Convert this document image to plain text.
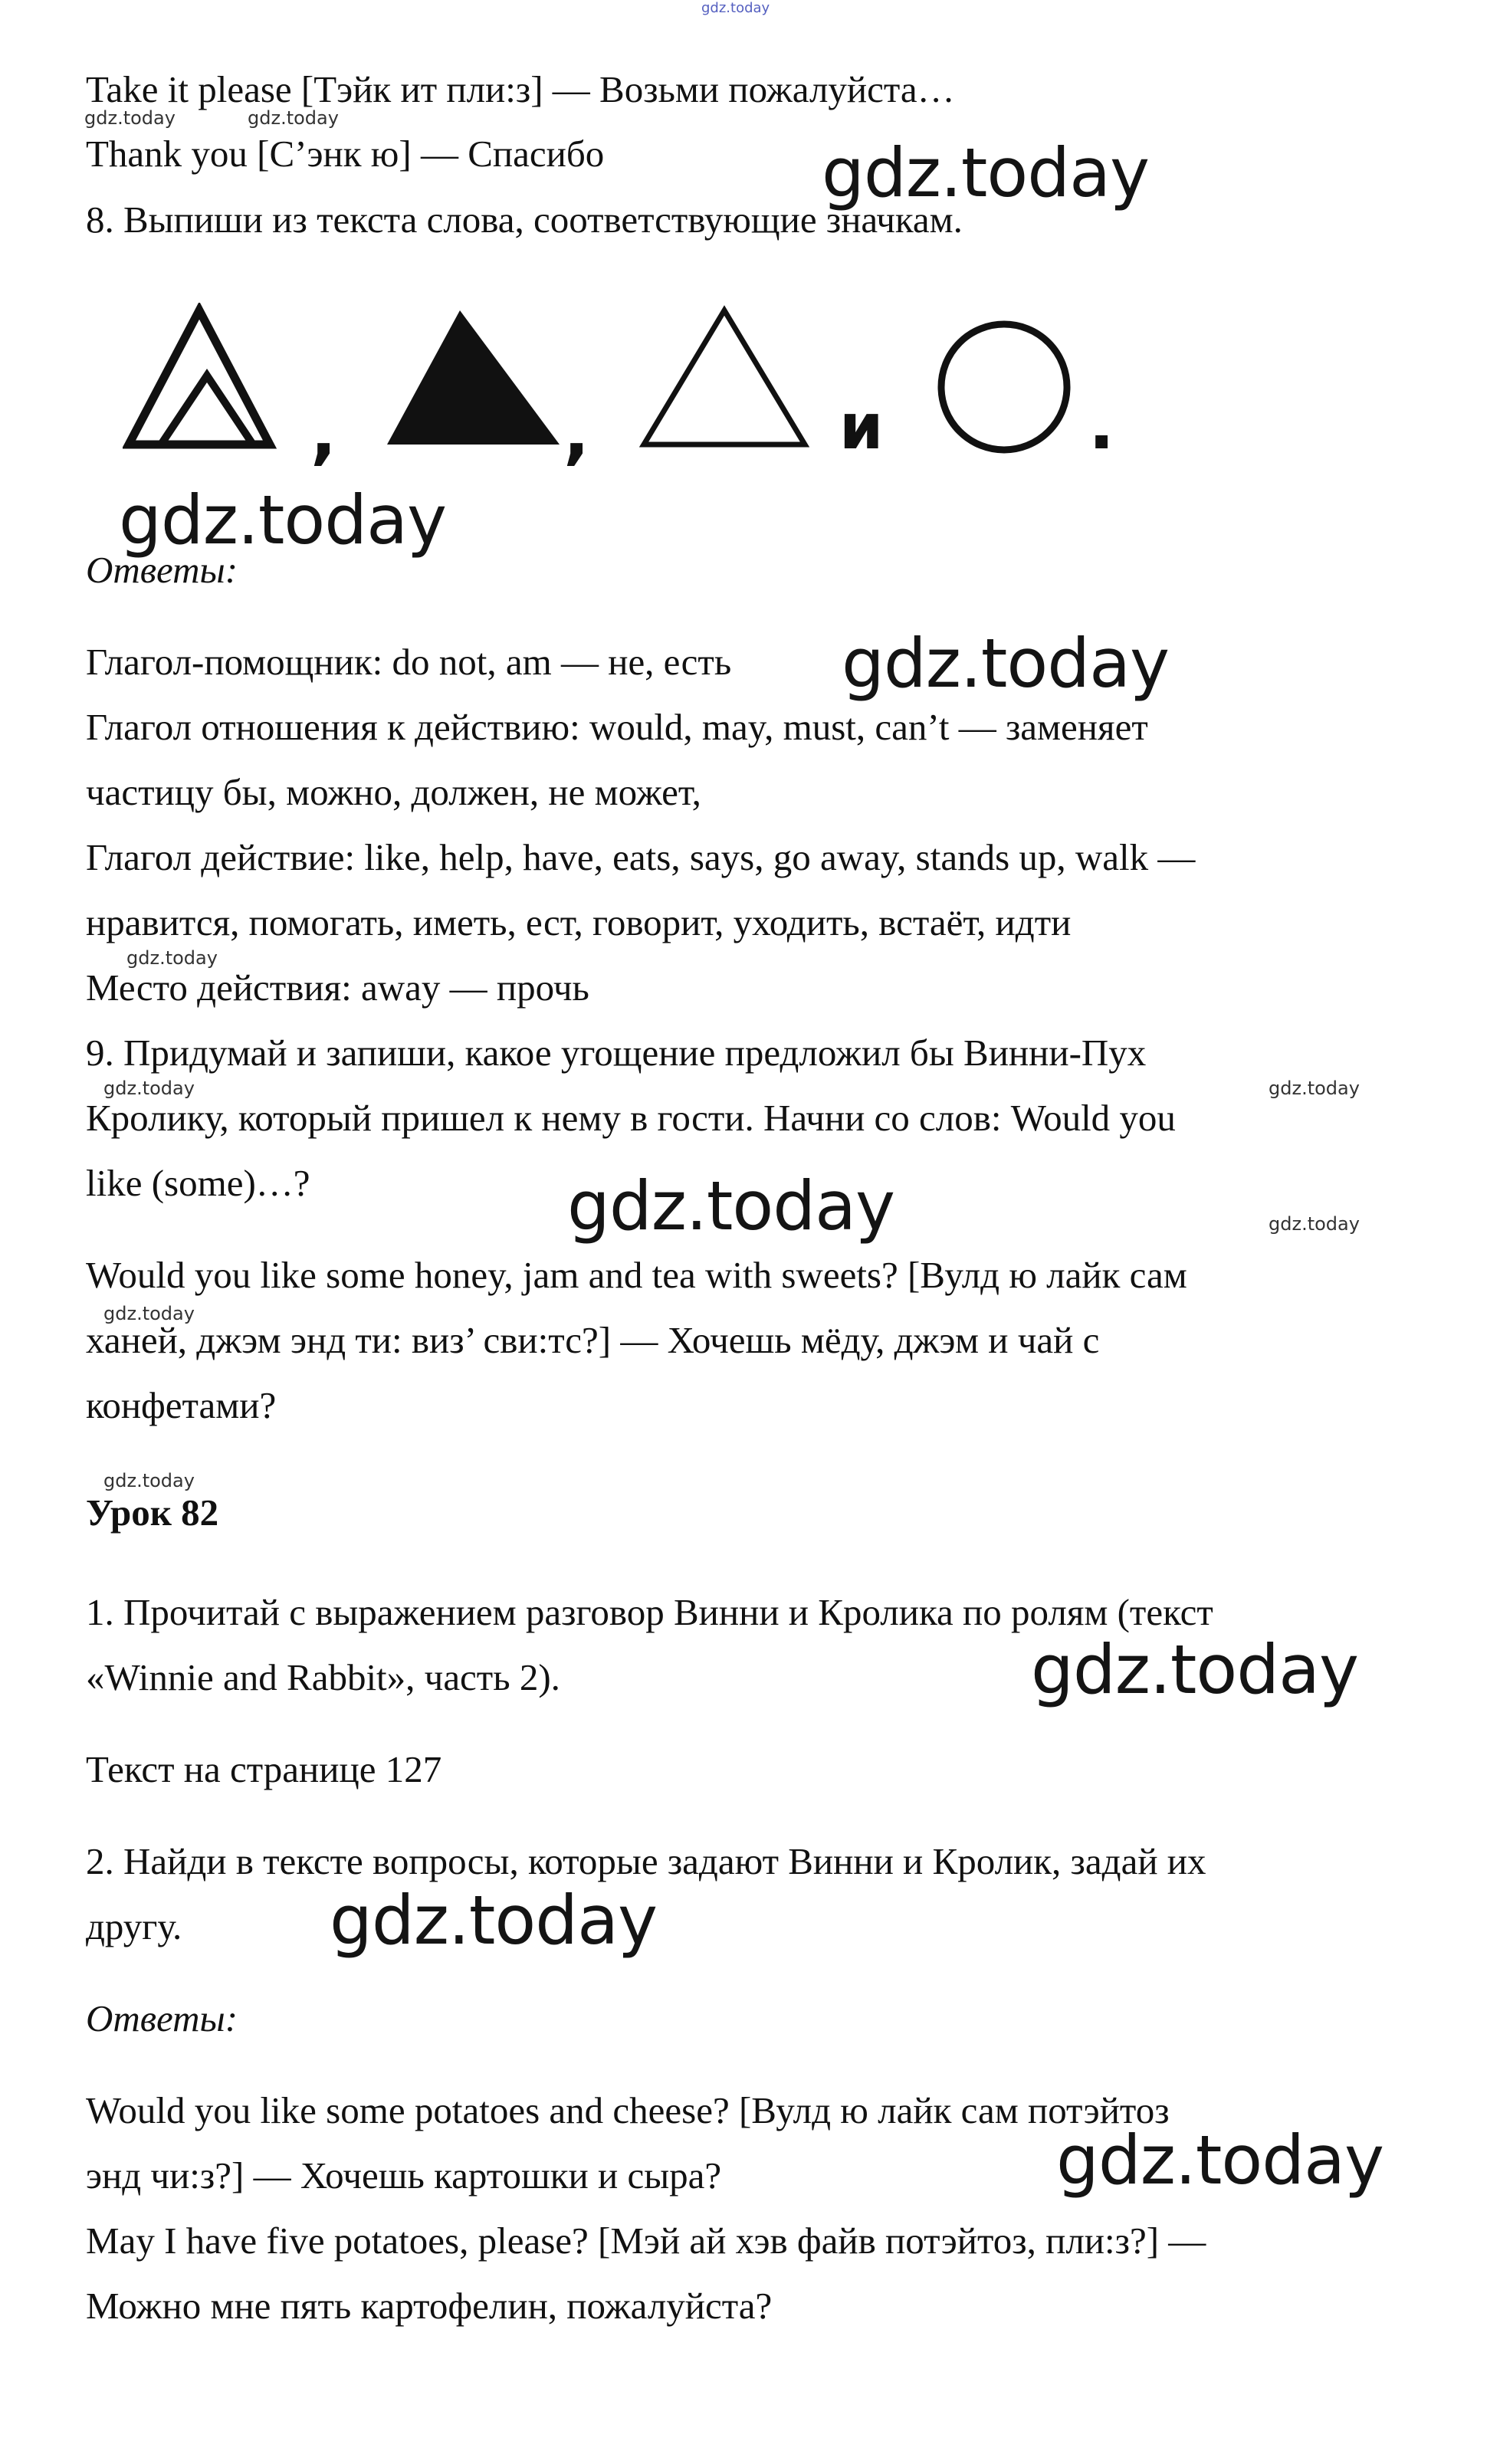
gdz.today
Take it please [Тэйк ит пли:з] — Возьми пожалуйста…
Thank you [С’энк ю] — Спасибо
8. Выпиши из текста слова, соответствующие значкам.
,	,	и	.
Ответы:
Глагол-помощник: do not, am — не, есть
Глагол отношения к действию: would, may, must, can’t — заменяет
частицу бы, можно, должен, не может,
Глагол действие: like, help, have, eats, says, go away, stands up, walk —
нравится, помогать, иметь, ест, говорит, уходить, встаёт, идти
Место действия: away — прочь
9. Придумай и запиши, какое угощение предложил бы Винни-Пух
Кролику, который пришел к нему в гости. Начни со слов: Would you
like (some)…?
Would you like some honey, jam and tea with sweets? [Вулд ю лайк сам
ханей, джэм энд ти: виз’ сви:тс?] — Хочешь мёду, джэм и чай с
конфетами?
Урок 82
1. Прочитай с выражением разговор Винни и Кролика по ролям (текст
«Winnie and Rabbit», часть 2).
Текст на странице 127
2. Найди в тексте вопросы, которые задают Винни и Кролик, задай их
другу.
Ответы:
Would you like some potatoes and cheese? [Вулд ю лайк сам потэйтоз
энд чи:з?] — Хочешь картошки и сыра?
May I have five potatoes, please? [Мэй ай хэв файв потэйтоз, пли:з?] —
Можно мне пять картофелин, пожалуйста?
gdz.today
gdz.today
gdz.today
gdz.today
gdz.today
gdz.today
gdz.today
gdz.today	gdz.today
gdz.today
gdz.today	gdz.today
gdz.today
gdz.today
gdz.today
